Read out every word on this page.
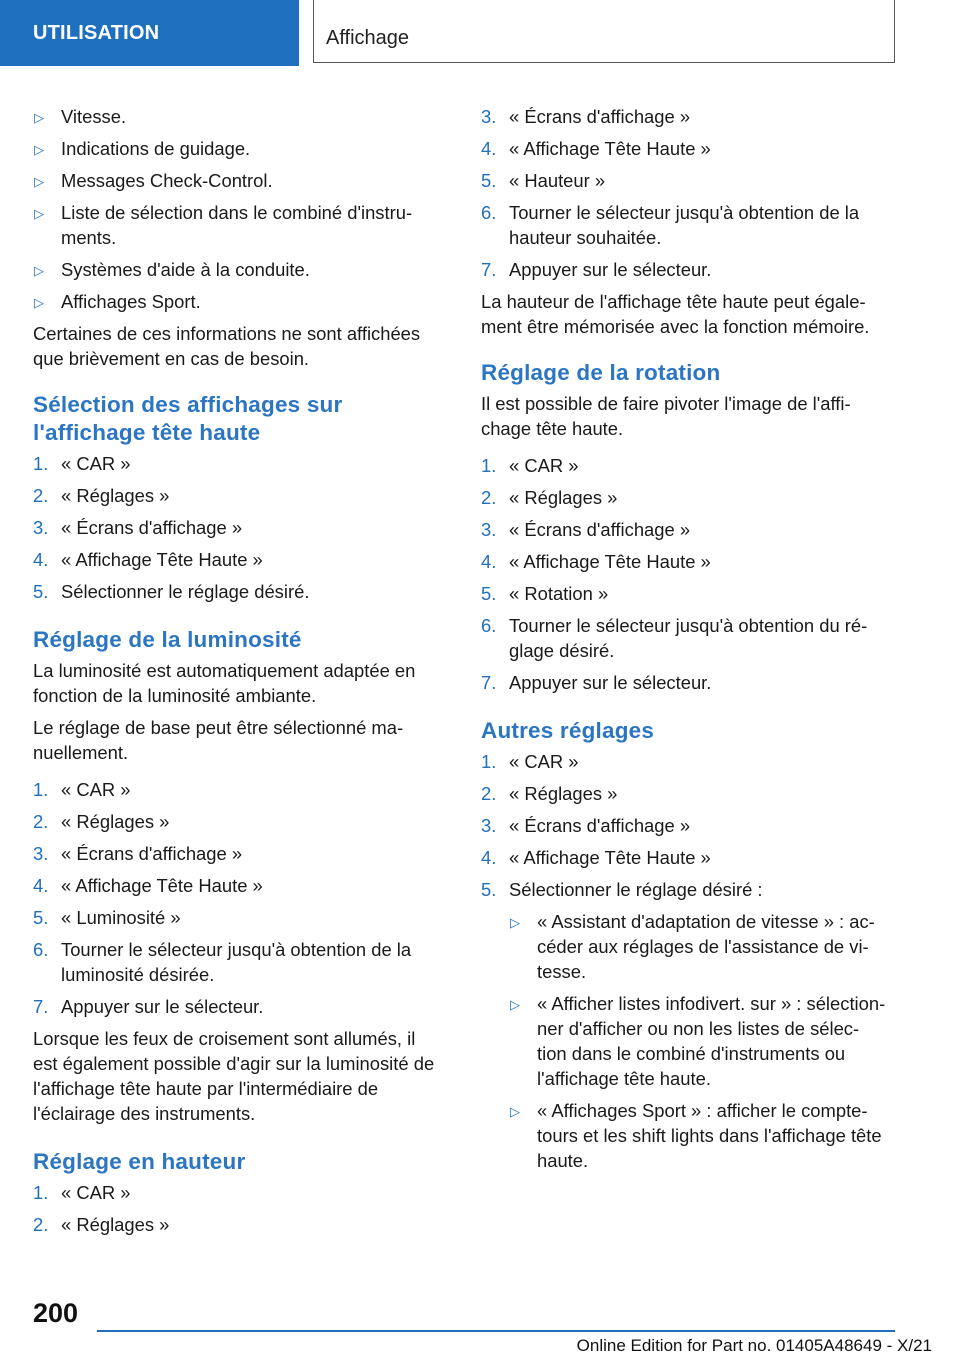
UTILISATION	Affichage
▷ Vitesse.
▷ Indications de guidage.
▷ Messages Check-Control.
▷ Liste de sélection dans le combiné d'instru-ments.
▷ Systèmes d'aide à la conduite.
▷ Affichages Sport.

Certaines de ces informations ne sont affichées que brièvement en cas de besoin.

Sélection des affichages sur l'affichage tête haute
1. « CAR »
2. « Réglages »
3. « Écrans d'affichage »
4. « Affichage Tête Haute »
5. Sélectionner le réglage désiré.
Réglage de la luminosité

La luminosité est automatiquement adaptée en fonction de la luminosité ambiante.

Le réglage de base peut être sélectionné ma-nuellement.

1. « CAR »
2. « Réglages »
3. « Écrans d'affichage »
4. « Affichage Tête Haute »
5. « Luminosité »
6. Tourner le sélecteur jusqu'à obtention de la luminosité désirée.
7. Appuyer sur le sélecteur.

Lorsque les feux de croisement sont allumés, il est également possible d'agir sur la luminosité de l'affichage tête haute par l'intermédiaire de l'éclairage des instruments.

Réglage en hauteur
1. « CAR »
2. « Réglages »
3. « Écrans d'affichage »
4. « Affichage Tête Haute »
5. « Hauteur »
6. Tourner le sélecteur jusqu'à obtention de la hauteur souhaitée.
7. Appuyer sur le sélecteur.

La hauteur de l'affichage tête haute peut égale-ment être mémorisée avec la fonction mémoire.

Réglage de la rotation

Il est possible de faire pivoter l'image de l'affi-chage tête haute.

1. « CAR »
2. « Réglages »
3. « Écrans d'affichage »
4. « Affichage Tête Haute »
5. « Rotation »
6. Tourner le sélecteur jusqu'à obtention du ré-glage désiré.
7. Appuyer sur le sélecteur.
Autres réglages
1. « CAR »
2. « Réglages »
3. « Écrans d'affichage »
4. « Affichage Tête Haute »
5. Sélectionner le réglage désiré :
▷ « Assistant d'adaptation de vitesse » : ac-céder aux réglages de l'assistance de vi-tesse.
▷ « Afficher listes infodivert. sur » : sélection-ner d'afficher ou non les listes de sélec-tion dans le combiné d'instruments ou l'affichage tête haute.
▷ « Affichages Sport » : afficher le compte-tours et les shift lights dans l'affichage tête haute.
200
Online Edition for Part no. 01405A48649 - X/21
